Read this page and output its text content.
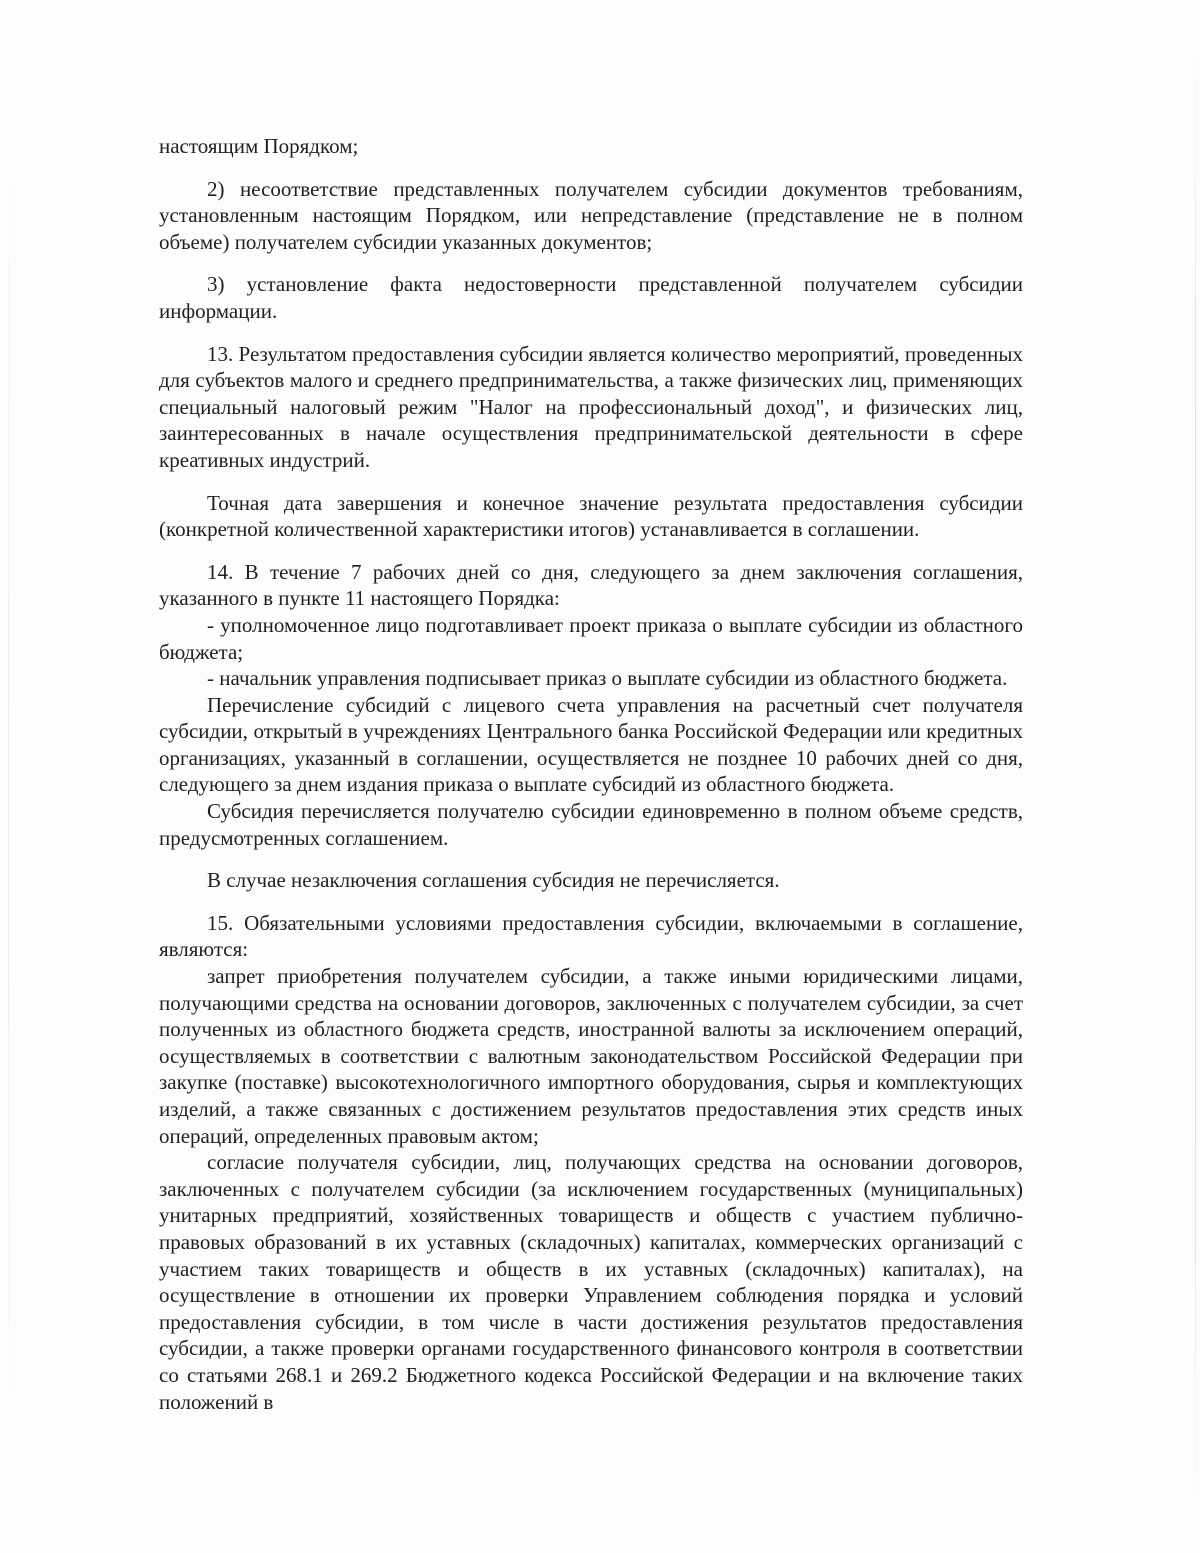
настоящим Порядком;

2) несоответствие представленных получателем субсидии документов требованиям, установленным настоящим Порядком, или непредставление (представление не в полном объеме) получателем субсидии указанных документов;

3) установление факта недостоверности представленной получателем субсидии информации.

13. Результатом предоставления субсидии является количество мероприятий, проведенных для субъектов малого и среднего предпринимательства, а также физических лиц, применяющих специальный налоговый режим "Налог на профессиональный доход", и физических лиц, заинтересованных в начале осуществления предпринимательской деятельности в сфере креативных индустрий.

Точная дата завершения и конечное значение результата предоставления субсидии (конкретной количественной характеристики итогов) устанавливается в соглашении.

14. В течение 7 рабочих дней со дня, следующего за днем заключения соглашения, указанного в пункте 11 настоящего Порядка:

- уполномоченное лицо подготавливает проект приказа о выплате субсидии из областного бюджета;

- начальник управления подписывает приказ о выплате субсидии из областного бюджета.

Перечисление субсидий с лицевого счета управления на расчетный счет получателя субсидии, открытый в учреждениях Центрального банка Российской Федерации или кредитных организациях, указанный в соглашении, осуществляется не позднее 10 рабочих дней со дня, следующего за днем издания приказа о выплате субсидий из областного бюджета.

Субсидия перечисляется получателю субсидии единовременно в полном объеме средств, предусмотренных соглашением.

В случае незаключения соглашения субсидия не перечисляется.

15. Обязательными условиями предоставления субсидии, включаемыми в соглашение, являются:

запрет приобретения получателем субсидии, а также иными юридическими лицами, получающими средства на основании договоров, заключенных с получателем субсидии, за счет полученных из областного бюджета средств, иностранной валюты за исключением операций, осуществляемых в соответствии с валютным законодательством Российской Федерации при закупке (поставке) высокотехнологичного импортного оборудования, сырья и комплектующих изделий, а также связанных с достижением результатов предоставления этих средств иных операций, определенных правовым актом;

согласие получателя субсидии, лиц, получающих средства на основании договоров, заключенных с получателем субсидии (за исключением государственных (муниципальных) унитарных предприятий, хозяйственных товариществ и обществ с участием публично-правовых образований в их уставных (складочных) капиталах, коммерческих организаций с участием таких товариществ и обществ в их уставных (складочных) капиталах), на осуществление в отношении их проверки Управлением соблюдения порядка и условий предоставления субсидии, в том числе в части достижения результатов предоставления субсидии, а также проверки органами государственного финансового контроля в соответствии со статьями 268.1 и 269.2 Бюджетного кодекса Российской Федерации и на включение таких положений в
